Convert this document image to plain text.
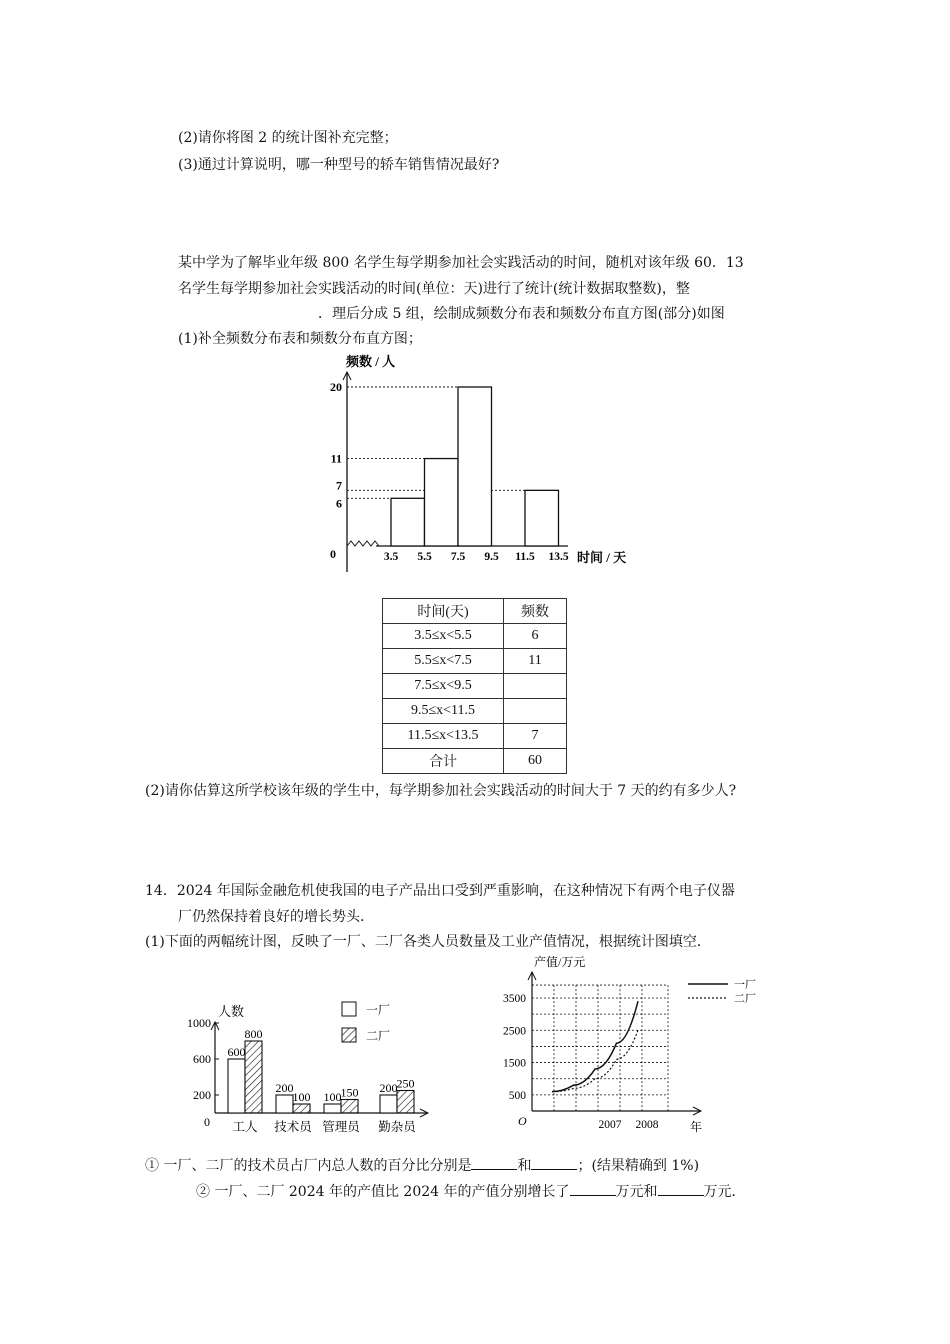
(2)请你将图 2 的统计图补充完整；
(3)通过计算说明，哪一种型号的轿车销售情况最好?
某中学为了解毕业年级 800 名学生每学期参加社会实践活动的时间，随机对该年级 60．13
名学生每学期参加社会实践活动的时间(单位：天)进行了统计(统计数据取整数)，整
．理后分成 5 组，绘制成频数分布表和频数分布直方图(部分)如图
(1)补全频数分布表和频数分布直方图；
频数 / 人
6
7
11
20
3.5 5.5 7.5 9.5 11.5 13.5 时间 / 天
0
时间(天)	频数
3.5≤x<5.5	6
5.5≤x<7.5	11
7.5≤x<9.5	
9.5≤x<11.5	
11.5≤x<13.5	7
合计	60
(2)请你估算这所学校该年级的学生中，每学期参加社会实践活动的时间大于 7 天的约有多少人?
14．2024 年国际金融危机使我国的电子产品出口受到严重影响，在这种情况下有两个电子仪器
厂仍然保持着良好的增长势头．
(1)下面的两幅统计图，反映了一厂、二厂各类人员数量及工业产值情况，根据统计图填空．
人数
200
600
1000
600
800
工人
200
100
技术员
100 150
管理员
200 250
勤杂员
0
一厂
二厂
产值/万元
500
1500
2500
3500
2007 2008
O	年
一厂
二厂
① 一厂、二厂的技术员占厂内总人数的百分比分别是	和	；(结果精确到 1%)
② 一厂、二厂 2024 年的产值比 2024 年的产值分别增长了	万元和	万元．
